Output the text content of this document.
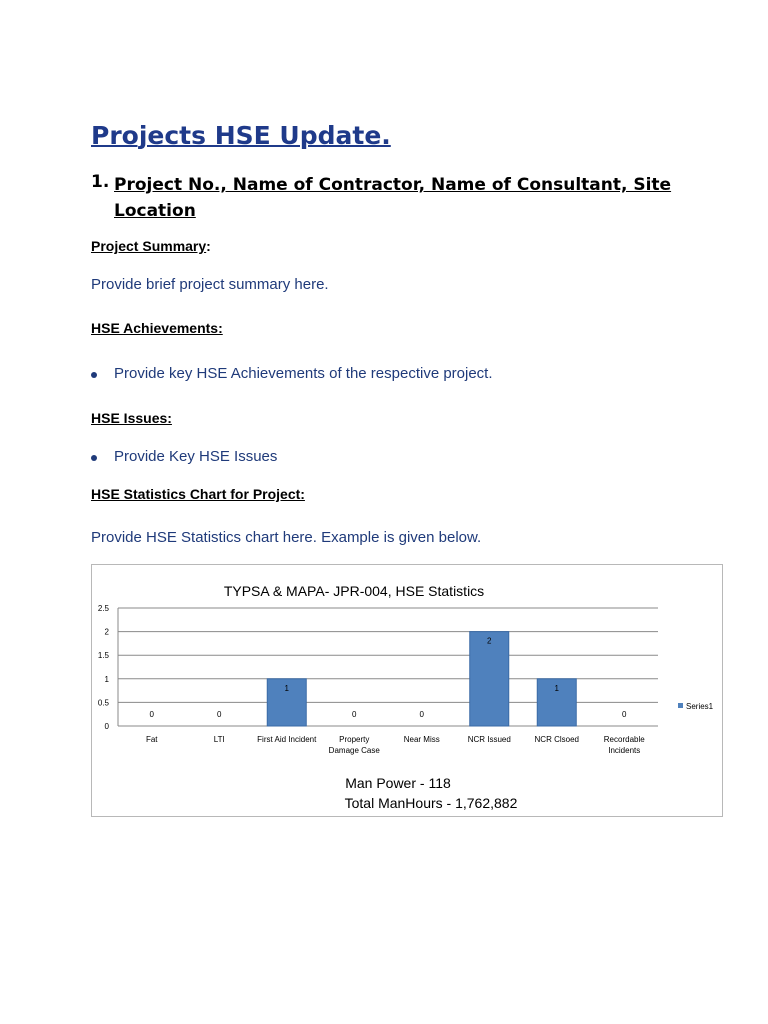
Projects HSE Update.
1. Project No., Name of Contractor, Name of Consultant, Site Location
Project Summary:
Provide brief project summary here.
HSE Achievements:
Provide key HSE Achievements of the respective project.
HSE Issues:
Provide Key HSE Issues
HSE Statistics Chart for Project:
Provide HSE Statistics chart here. Example is given below.
TYPSA & MAPA- JPR-004, HSE Statistics
0
0.5
1
1.5
2
2.5
0
Fat
0
LTI
1
First Aid Incident
0
Property
Damage Case
0
Near Miss
2
NCR Issued
1
NCR Clsoed
0
Recordable
Incidents
Series1
Man Power - 118
Total ManHours - 1,762,882
